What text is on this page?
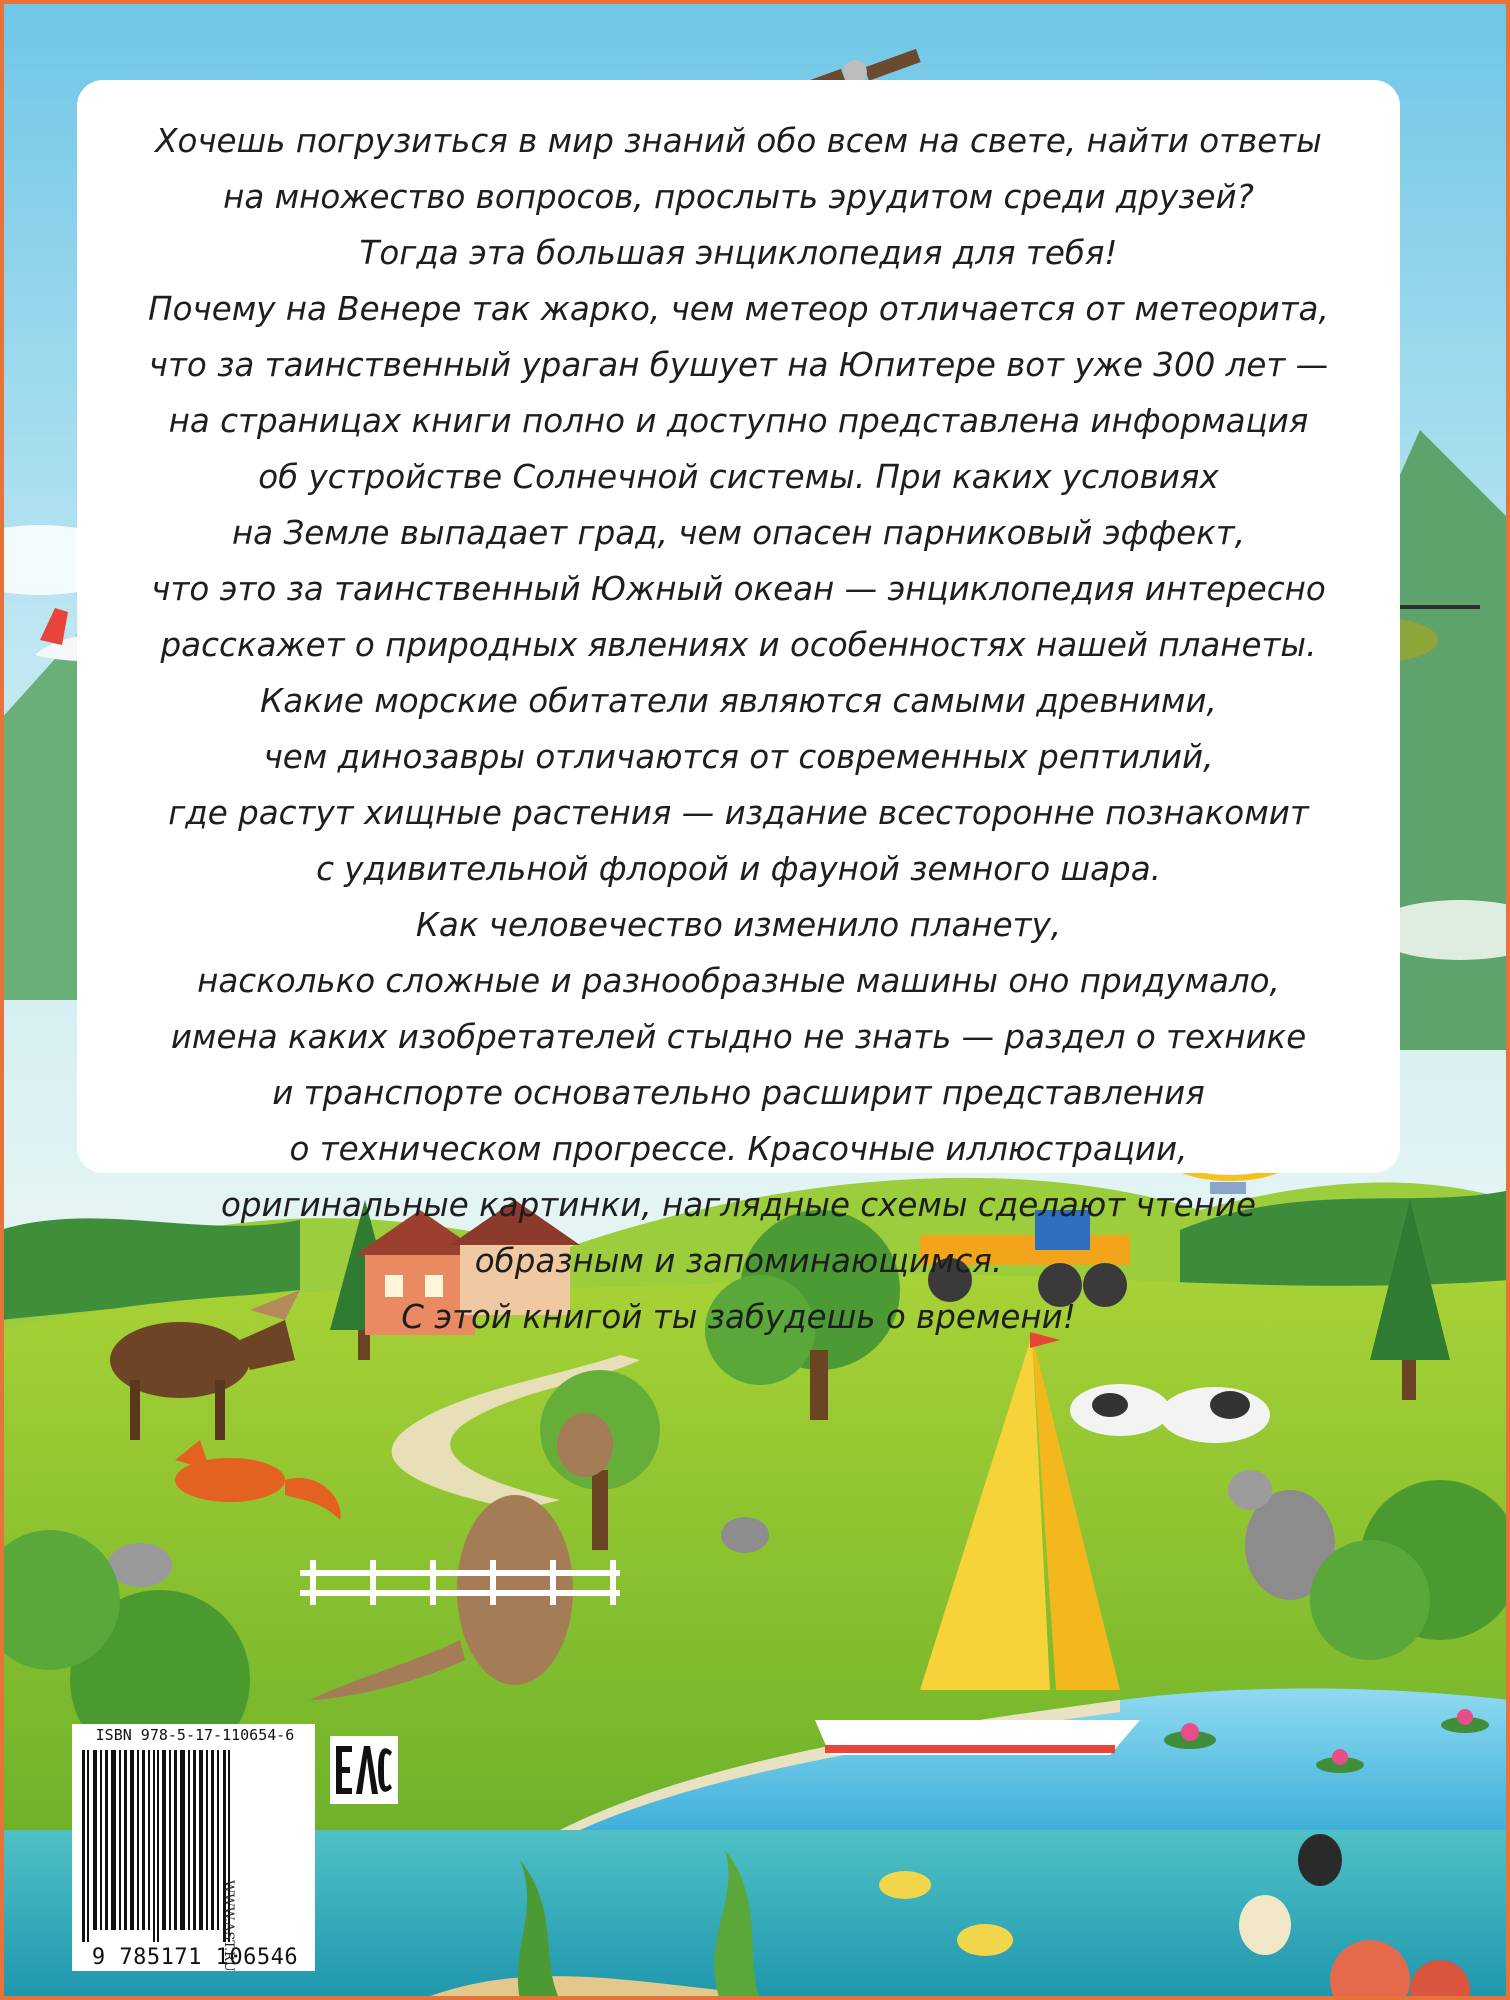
Хочешь погрузиться в мир знаний обо всем на свете, найти ответы
на множество вопросов, прослыть эрудитом среди друзей?
Тогда эта большая энциклопедия для тебя!
Почему на Венере так жарко, чем метеор отличается от метеорита,
что за таинственный ураган бушует на Юпитере вот уже 300 лет —
на страницах книги полно и доступно представлена информация
об устройстве Солнечной системы. При каких условиях
на Земле выпадает град, чем опасен парниковый эффект,
что это за таинственный Южный океан — энциклопедия интересно
расскажет о природных явлениях и особенностях нашей планеты.
Какие морские обитатели являются самыми древними,
чем динозавры отличаются от современных рептилий,
где растут хищные растения — издание всесторонне познакомит
с удивительной флорой и фауной земного шара.
Как человечество изменило планету,
насколько сложные и разнообразные машины оно придумало,
имена каких изобретателей стыдно не знать — раздел о технике
и транспорте основательно расширит представления
о техническом прогрессе. Красочные иллюстрации,
оригинальные картинки, наглядные схемы сделают чтение
образным и запоминающимся.
С этой книгой ты забудешь о времени!

ISBN 978-5-17-110654-6
9 785171 106546
WWW.AST.RU
